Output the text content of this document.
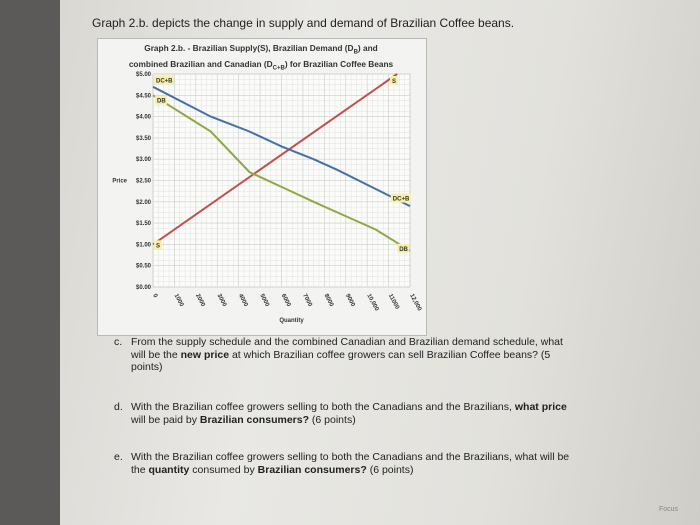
Graph 2.b. depicts the change in supply and demand of Brazilian Coffee beans.
Graph 2.b. - Brazilian Supply(S), Brazilian Demand $(D_B)$ and
combined Brazilian and Canadian $(D_{C+B})$ for Brazilian Coffee Beans
$0.00
$0.50
$1.00
$1.50
$2.00
$2.50
$3.00
$3.50
$4.00
$4.50
$5.00
Price
0 1000 2000 3000 4000 5000 6000 7000 8000 9000 10,000 11000 12,000
Quantity
S
S
DC+B
DC+B
DB
DB
c. From the supply schedule and the combined Canadian and Brazilian demand schedule, what
will be the new price at which Brazilian coffee growers can sell Brazilian Coffee beans? (5
points)
d. With the Brazilian coffee growers selling to both the Canadians and the Brazilians, what price
will be paid by Brazilian consumers? (6 points)
e. With the Brazilian coffee growers selling to both the Canadians and the Brazilians, what will be
the quantity consumed by Brazilian consumers? (6 points)
Focus
